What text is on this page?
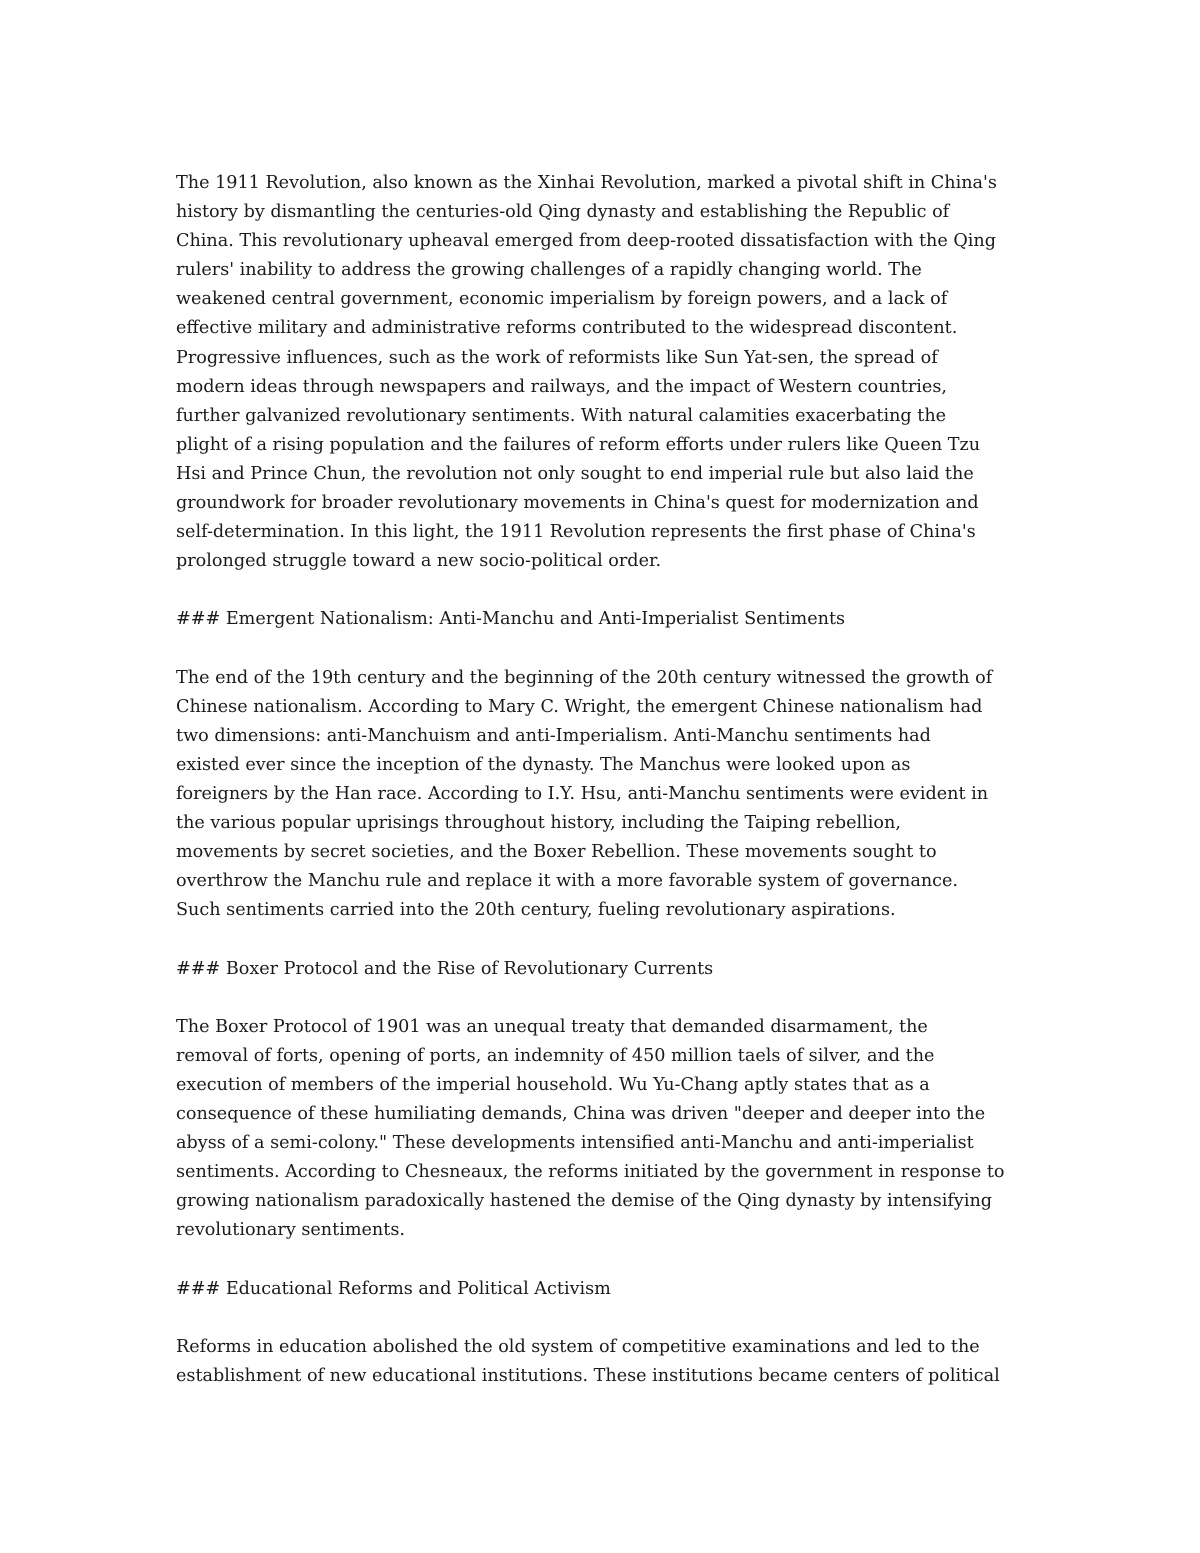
The 1911 Revolution, also known as the Xinhai Revolution, marked a pivotal shift in China's
history by dismantling the centuries-old Qing dynasty and establishing the Republic of
China. This revolutionary upheaval emerged from deep-rooted dissatisfaction with the Qing
rulers' inability to address the growing challenges of a rapidly changing world. The
weakened central government, economic imperialism by foreign powers, and a lack of
effective military and administrative reforms contributed to the widespread discontent.
Progressive influences, such as the work of reformists like Sun Yat-sen, the spread of
modern ideas through newspapers and railways, and the impact of Western countries,
further galvanized revolutionary sentiments. With natural calamities exacerbating the
plight of a rising population and the failures of reform efforts under rulers like Queen Tzu
Hsi and Prince Chun, the revolution not only sought to end imperial rule but also laid the
groundwork for broader revolutionary movements in China's quest for modernization and
self-determination. In this light, the 1911 Revolution represents the first phase of China's
prolonged struggle toward a new socio-political order.

### Emergent Nationalism: Anti-Manchu and Anti-Imperialist Sentiments

The end of the 19th century and the beginning of the 20th century witnessed the growth of
Chinese nationalism. According to Mary C. Wright, the emergent Chinese nationalism had
two dimensions: anti-Manchuism and anti-Imperialism. Anti-Manchu sentiments had
existed ever since the inception of the dynasty. The Manchus were looked upon as
foreigners by the Han race. According to I.Y. Hsu, anti-Manchu sentiments were evident in
the various popular uprisings throughout history, including the Taiping rebellion,
movements by secret societies, and the Boxer Rebellion. These movements sought to
overthrow the Manchu rule and replace it with a more favorable system of governance.
Such sentiments carried into the 20th century, fueling revolutionary aspirations.

### Boxer Protocol and the Rise of Revolutionary Currents

The Boxer Protocol of 1901 was an unequal treaty that demanded disarmament, the
removal of forts, opening of ports, an indemnity of 450 million taels of silver, and the
execution of members of the imperial household. Wu Yu-Chang aptly states that as a
consequence of these humiliating demands, China was driven "deeper and deeper into the
abyss of a semi-colony." These developments intensified anti-Manchu and anti-imperialist
sentiments. According to Chesneaux, the reforms initiated by the government in response to
growing nationalism paradoxically hastened the demise of the Qing dynasty by intensifying
revolutionary sentiments.

### Educational Reforms and Political Activism

Reforms in education abolished the old system of competitive examinations and led to the
establishment of new educational institutions. These institutions became centers of political
